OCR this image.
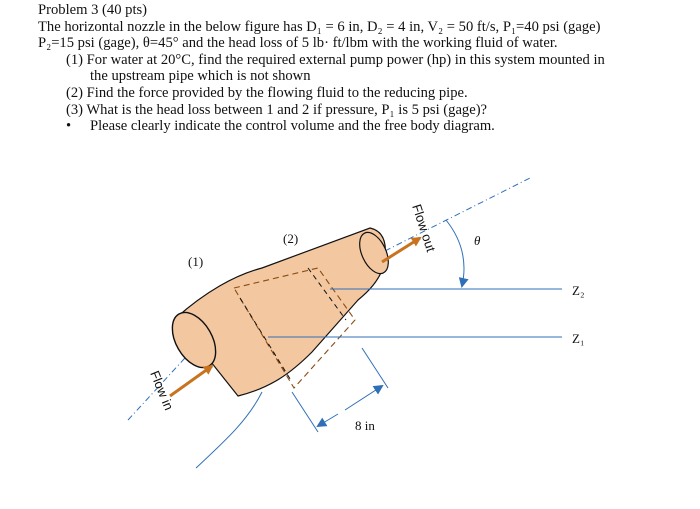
Problem 3 (40 pts)
The horizontal nozzle in the below figure has D₁ = 6 in, D₂ = 4 in, V₂ = 50 ft/s, P₁=40 psi (gage)
P₂=15 psi (gage), θ=45° and the head loss of 5 lb· ft/lbm with the working fluid of water.
(1) For water at 20°C, find the required external pump power (hp) in this system mounted in
the upstream pipe which is not shown
(2) Find the force provided by the flowing fluid to the reducing pipe.
(3) What is the head loss between 1 and 2 if pressure, P₁ is 5 psi (gage)?
• Please clearly indicate the control volume and the free body diagram.
(1)
(2)	θ
Z₂
Z₁
8 in
Flow in
Flow out
